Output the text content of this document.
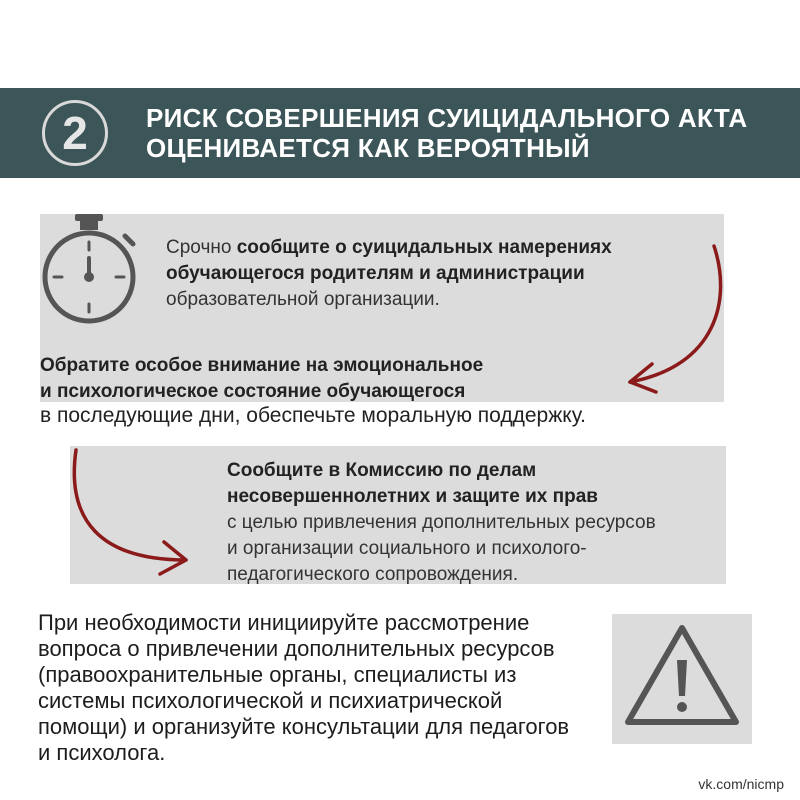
2 РИСК СОВЕРШЕНИЯ СУИЦИДАЛЬНОГО АКТА
ОЦЕНИВАЕТСЯ КАК ВЕРОЯТНЫЙ
Срочно сообщите о суицидальных намерениях
обучающегося родителям и администрации
образовательной организации.
Обратите особое внимание на эмоциональное
и психологическое состояние обучающегося
в последующие дни, обеспечьте моральную поддержку.
Сообщите в Комиссию по делам
несовершеннолетних и защите их прав
с целью привлечения дополнительных ресурсов
и организации социального и психолого-
педагогического сопровождения.
При необходимости инициируйте рассмотрение
вопроса о привлечении дополнительных ресурсов
(правоохранительные органы, специалисты из
системы психологической и психиатрической
помощи) и организуйте консультации для педагогов
и психолога.
vk.com/nicmp
